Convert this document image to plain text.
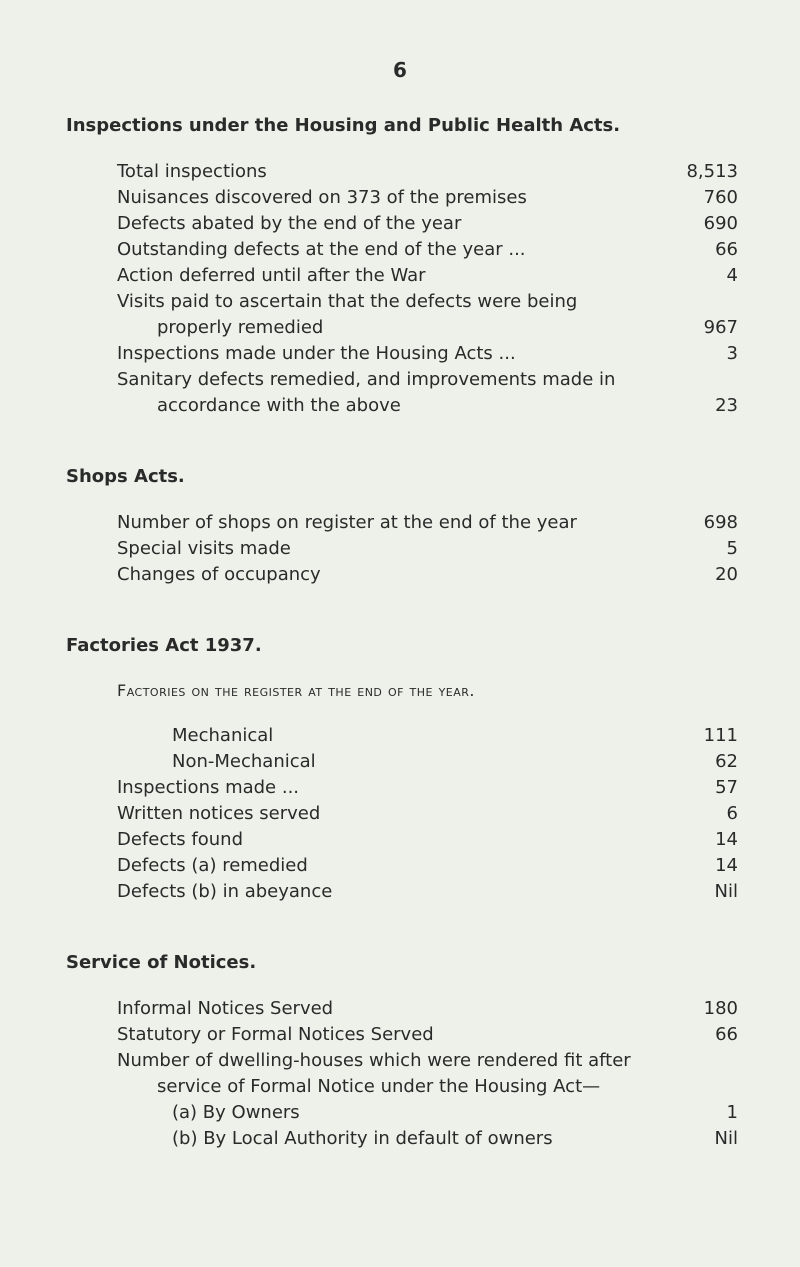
6
Inspections under the Housing and Public Health Acts.
Total inspections	8,513
Nuisances discovered on 373 of the premises	760
Defects abated by the end of the year	690
Outstanding defects at the end of the year ...	66
Action deferred until after the War	4
Visits paid to ascertain that the defects were being
properly remedied	967
Inspections made under the Housing Acts ...	3
Sanitary defects remedied, and improvements made in
accordance with the above	23
Shops Acts.
Number of shops on register at the end of the year	698
Special visits made	5
Changes of occupancy	20
Factories Act 1937.
Factories on the register at the end of the year.
Mechanical	111
Non-Mechanical	62
Inspections made ...	57
Written notices served	6
Defects found	14
Defects (a) remedied	14
Defects (b) in abeyance	Nil
Service of Notices.
Informal Notices Served	180
Statutory or Formal Notices Served	66
Number of dwelling-houses which were rendered fit after
service of Formal Notice under the Housing Act—
(a) By Owners	1
(b) By Local Authority in default of owners	Nil
